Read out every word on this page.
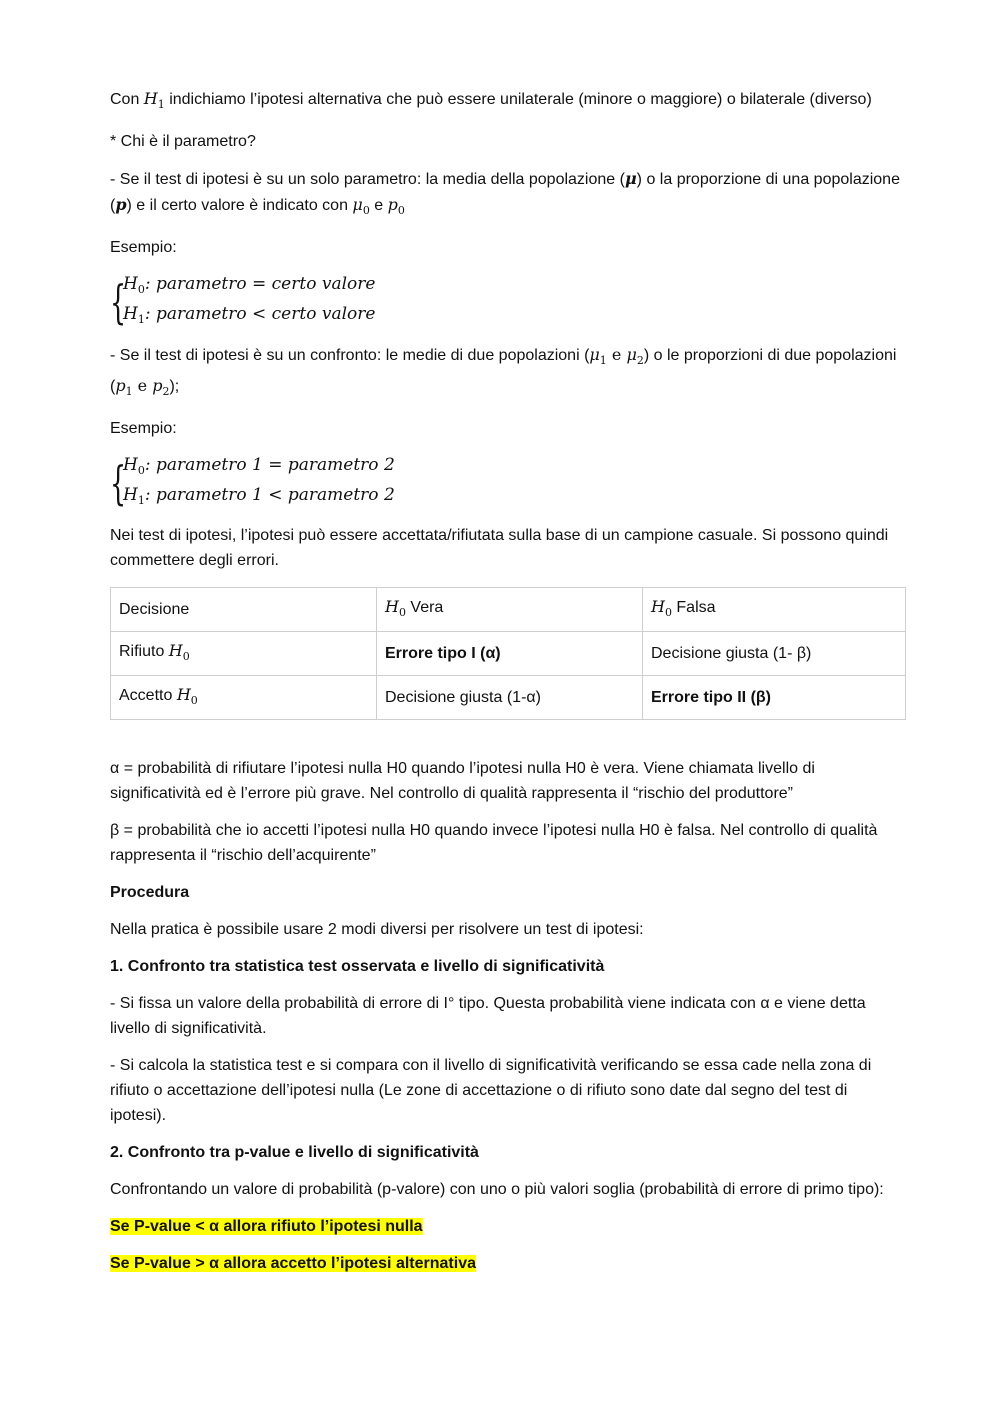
Con $H_1$ indichiamo l’ipotesi alternativa che può essere unilaterale (minore o maggiore) o bilaterale (diverso)

* Chi è il parametro?

- Se il test di ipotesi è su un solo parametro: la media della popolazione (μ) o la proporzione di una popolazione (p) e il certo valore è indicato con $\mu_0$ e $p_0$

Esempio:

{
$H_0$: parametro = certo valore
$H_1$: parametro < certo valore

- Se il test di ipotesi è su un confronto: le medie di due popolazioni ($\mu_1$ e $\mu_2$) o le proporzioni di due popolazioni ($p_1$ e $p_2$);

Esempio:

{
$H_0$: parametro 1 = parametro 2
$H_1$: parametro 1 < parametro 2

Nei test di ipotesi, l’ipotesi può essere accettata/rifiutata sulla base di un campione casuale. Si possono quindi commettere degli errori.

Decisione	$H_0$ Vera	$H_0$ Falsa
Rifiuto $H_0$	Errore tipo I (α)	Decisione giusta (1- β)
Accetto $H_0$	Decisione giusta (1-α)	Errore tipo II (β)

α = probabilità di rifiutare l’ipotesi nulla H0 quando l’ipotesi nulla H0 è vera. Viene chiamata livello di significatività ed è l’errore più grave. Nel controllo di qualità rappresenta il “rischio del produttore”

β = probabilità che io accetti l’ipotesi nulla H0 quando invece l’ipotesi nulla H0 è falsa. Nel controllo di qualità rappresenta il “rischio dell’acquirente”

Procedura

Nella pratica è possibile usare 2 modi diversi per risolvere un test di ipotesi:

1. Confronto tra statistica test osservata e livello di significatività

- Si fissa un valore della probabilità di errore di I° tipo. Questa probabilità viene indicata con α e viene detta livello di significatività.

- Si calcola la statistica test e si compara con il livello di significatività verificando se essa cade nella zona di rifiuto o accettazione dell’ipotesi nulla (Le zone di accettazione o di rifiuto sono date dal segno del test di ipotesi).

2. Confronto tra p-value e livello di significatività

Confrontando un valore di probabilità (p-valore) con uno o più valori soglia (probabilità di errore di primo tipo):

Se P-value < α allora rifiuto l’ipotesi nulla

Se P-value > α allora accetto l’ipotesi alternativa
